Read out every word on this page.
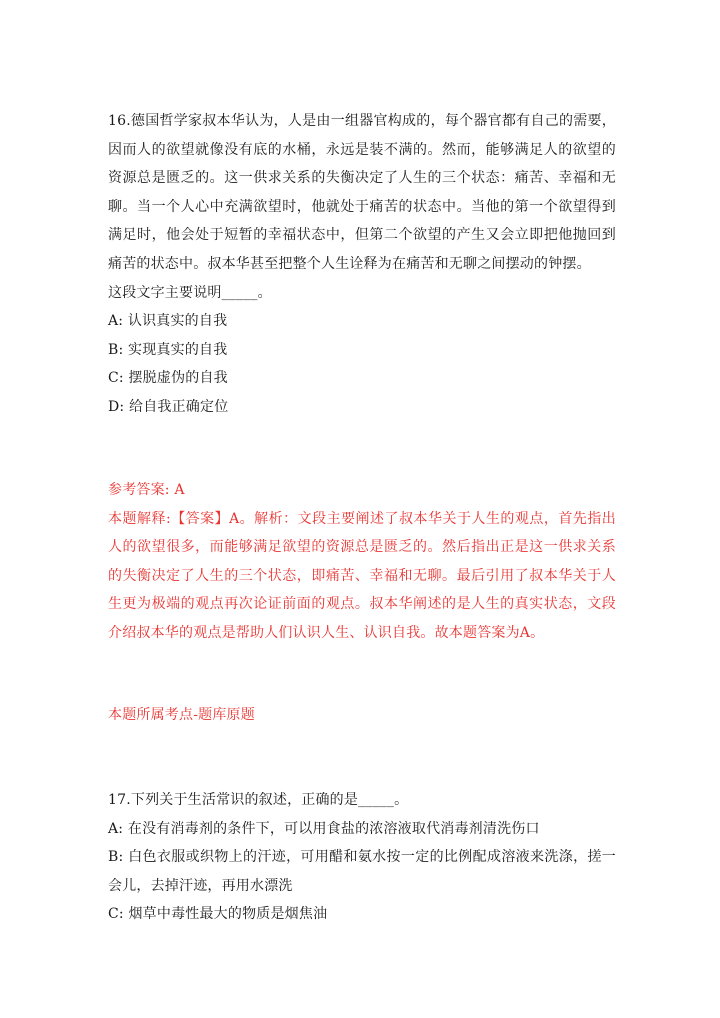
16.德国哲学家叔本华认为，人是由一组器官构成的，每个器官都有自己的需要，因而人的欲望就像没有底的水桶，永远是装不满的。然而，能够满足人的欲望的资源总是匮乏的。这一供求关系的失衡决定了人生的三个状态：痛苦、幸福和无聊。当一个人心中充满欲望时，他就处于痛苦的状态中。当他的第一个欲望得到满足时，他会处于短暂的幸福状态中，但第二个欲望的产生又会立即把他抛回到痛苦的状态中。叔本华甚至把整个人生诠释为在痛苦和无聊之间摆动的钟摆。

这段文字主要说明_____。

A: 认识真实的自我

B: 实现真实的自我

C: 摆脱虚伪的自我

D: 给自我正确定位

参考答案: A

本题解释:【答案】A。解析：文段主要阐述了叔本华关于人生的观点，首先指出人的欲望很多，而能够满足欲望的资源总是匮乏的。然后指出正是这一供求关系的失衡决定了人生的三个状态，即痛苦、幸福和无聊。最后引用了叔本华关于人生更为极端的观点再次论证前面的观点。叔本华阐述的是人生的真实状态，文段介绍叔本华的观点是帮助人们认识人生、认识自我。故本题答案为A。

本题所属考点-题库原题

17.下列关于生活常识的叙述，正确的是_____。

A: 在没有消毒剂的条件下，可以用食盐的浓溶液取代消毒剂清洗伤口

B: 白色衣服或织物上的汗迹，可用醋和氨水按一定的比例配成溶液来洗涤，搓一会儿，去掉汗迹，再用水漂洗

C: 烟草中毒性最大的物质是烟焦油
